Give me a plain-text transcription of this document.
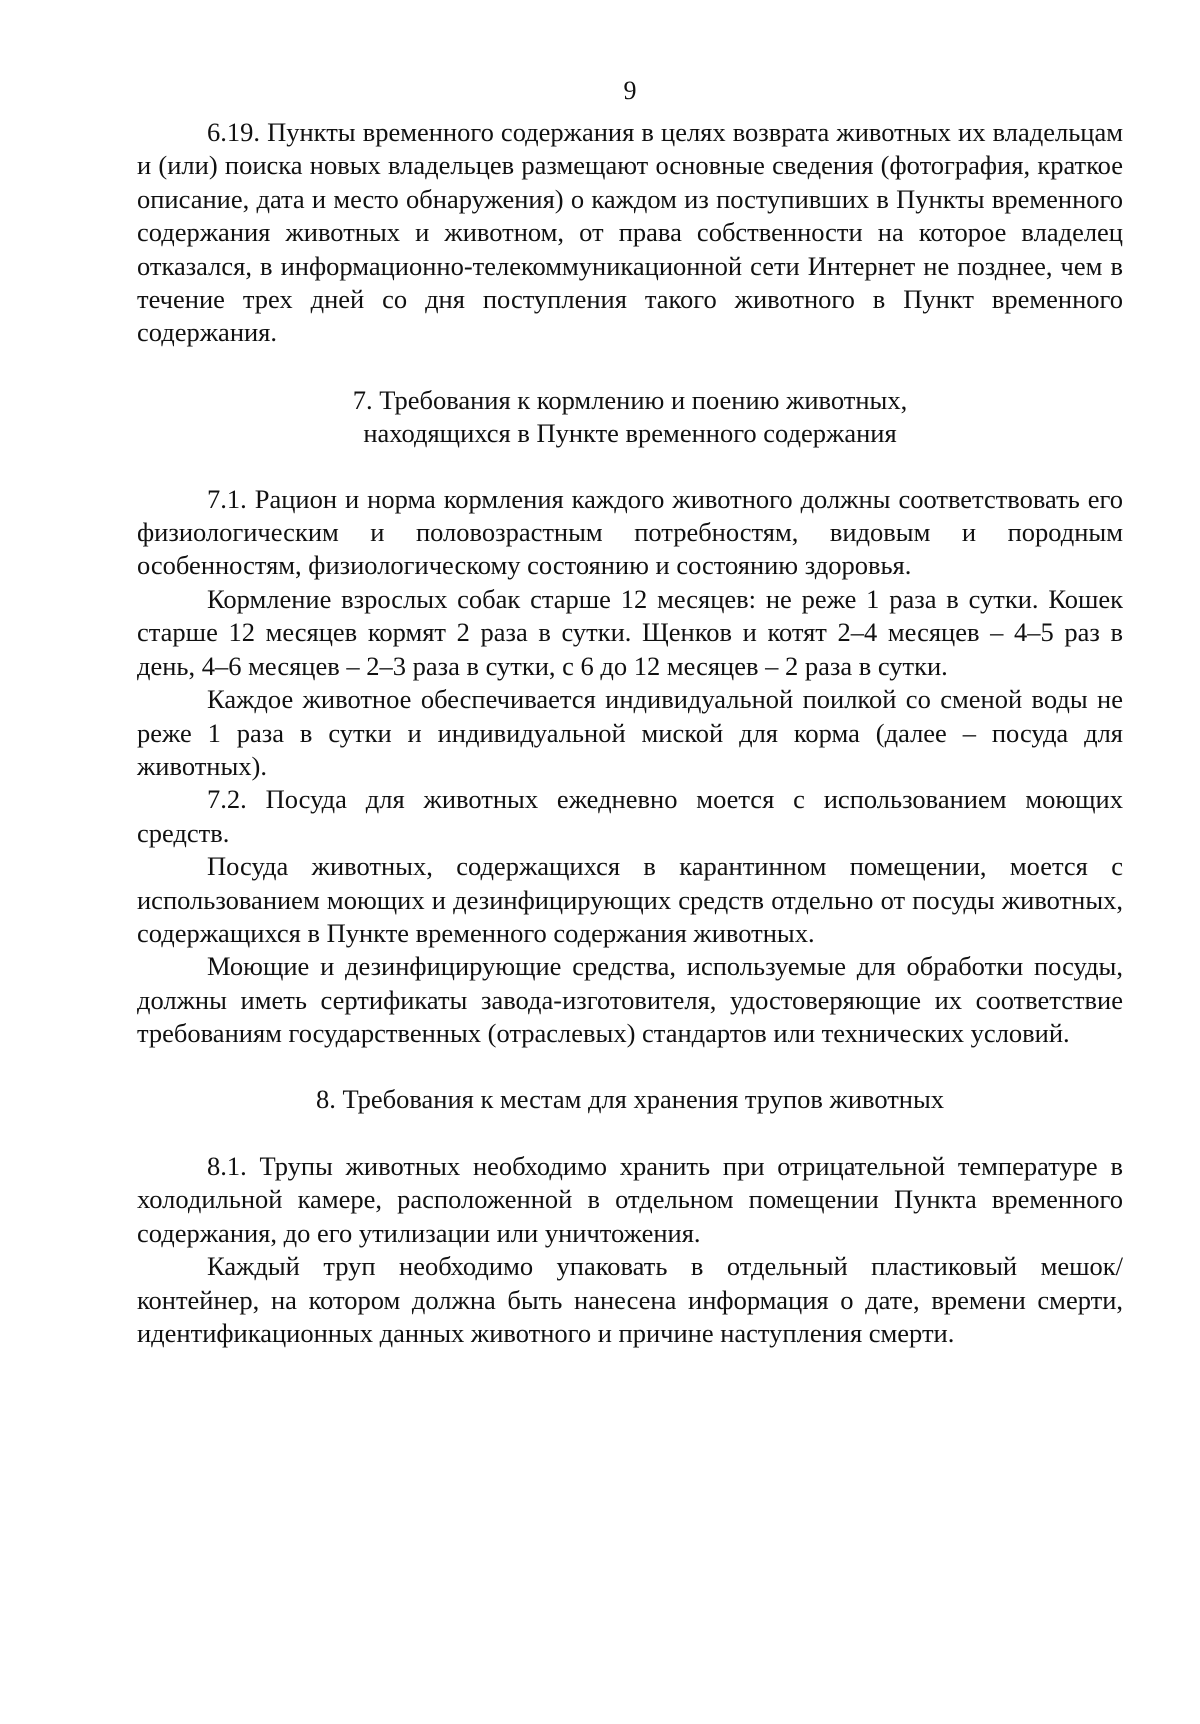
9

6.19. Пункты временного содержания в целях возврата животных их владельцам и (или) поиска новых владельцев размещают основные сведения (фотография, краткое описание, дата и место обнаружения) о каждом из поступивших в Пункты временного содержания животных и животном, от права собственности на которое владелец отказался, в информационно-телекоммуникационной сети Интернет не позднее, чем в течение трех дней со дня поступления такого животного в Пункт временного содержания.

7. Требования к кормлению и поению животных,
находящихся в Пункте временного содержания

7.1. Рацион и норма кормления каждого животного должны соответствовать его физиологическим и половозрастным потребностям, видовым и породным особенностям, физиологическому состоянию и состоянию здоровья.

Кормление взрослых собак старше 12 месяцев: не реже 1 раза в сутки. Кошек старше 12 месяцев кормят 2 раза в сутки. Щенков и котят 2–4 месяцев – 4–5 раз в день, 4–6 месяцев – 2–3 раза в сутки, с 6 до 12 месяцев – 2 раза в сутки.

Каждое животное обеспечивается индивидуальной поилкой со сменой воды не реже 1 раза в сутки и индивидуальной миской для корма (далее – посуда для животных).

7.2. Посуда для животных ежедневно моется с использованием моющих средств.

Посуда животных, содержащихся в карантинном помещении, моется с использованием моющих и дезинфицирующих средств отдельно от посуды животных, содержащихся в Пункте временного содержания животных.

Моющие и дезинфицирующие средства, используемые для обработки посуды, должны иметь сертификаты завода-изготовителя, удостоверяющие их соответствие требованиям государственных (отраслевых) стандартов или технических условий.

8. Требования к местам для хранения трупов животных

8.1. Трупы животных необходимо хранить при отрицательной температуре в холодильной камере, расположенной в отдельном помещении Пункта временного содержания, до его утилизации или уничтожения.

Каждый труп необходимо упаковать в отдельный пластиковый мешок/контейнер, на котором должна быть нанесена информация о дате, времени смерти, идентификационных данных животного и причине наступления смерти.
